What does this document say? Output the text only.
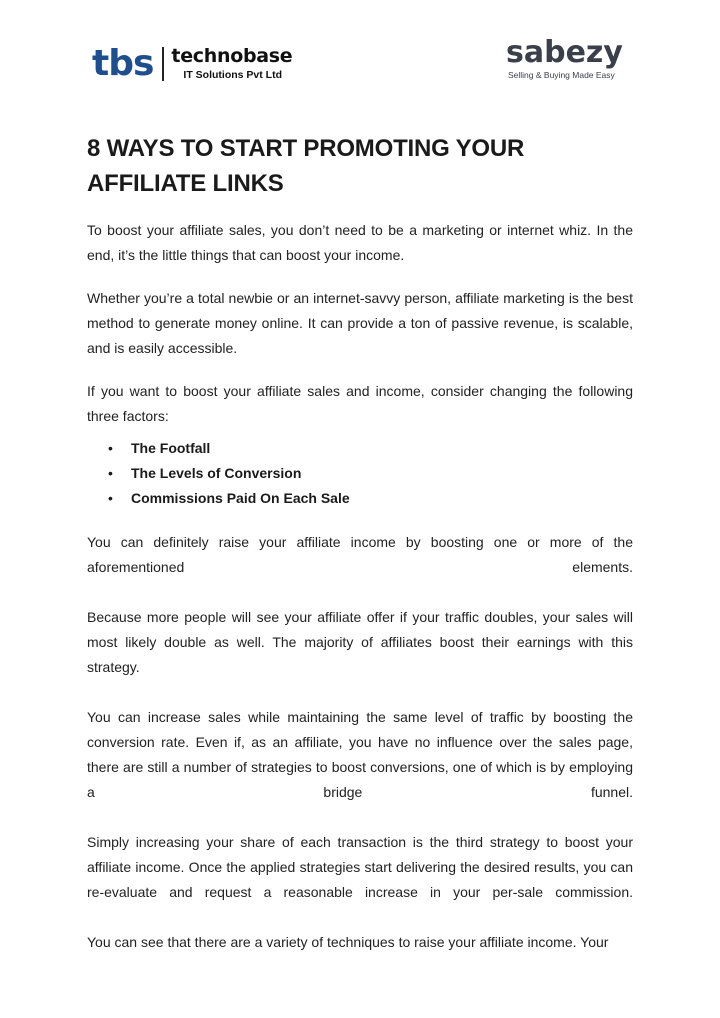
tbs technobase
IT Solutions Pvt Ltd
sabezy
Selling & Buying Made Easy
8 WAYS TO START PROMOTING YOUR AFFILIATE LINKS

To boost your affiliate sales, you don’t need to be a marketing or internet whiz. In the end, it’s the little things that can boost your income.

Whether you’re a total newbie or an internet-savvy person, affiliate marketing is the best method to generate money online. It can provide a ton of passive revenue, is scalable, and is easily accessible.

If you want to boost your affiliate sales and income, consider changing the following three factors:

• The Footfall
• The Levels of Conversion
• Commissions Paid On Each Sale

You can definitely raise your affiliate income by boosting one or more of the aforementioned elements.

Because more people will see your affiliate offer if your traffic doubles, your sales will most likely double as well. The majority of affiliates boost their earnings with this strategy.

You can increase sales while maintaining the same level of traffic by boosting the conversion rate. Even if, as an affiliate, you have no influence over the sales page, there are still a number of strategies to boost conversions, one of which is by employing a bridge funnel.

Simply increasing your share of each transaction is the third strategy to boost your affiliate income. Once the applied strategies start delivering the desired results, you can re-evaluate and request a reasonable increase in your per-sale commission.

You can see that there are a variety of techniques to raise your affiliate income. Your
